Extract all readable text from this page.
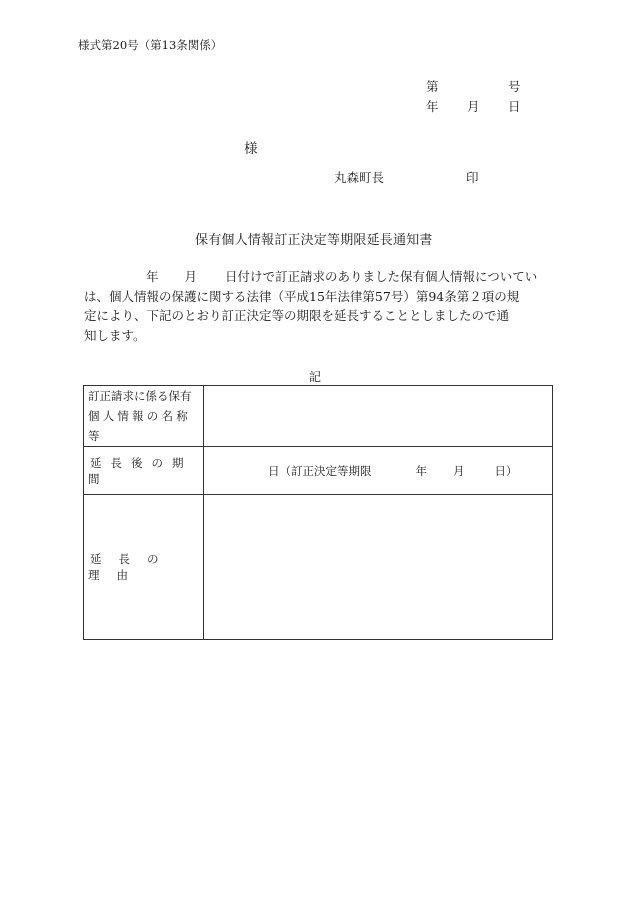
様式第20号（第13条関係）
第	号
年 月 日
様
丸森町長	印
保有個人情報訂正決定等期限延長通知書
年 月 日付けで訂正請求のありました保有個人情報についてい
は、個人情報の保護に関する法律（平成15年法律第57号）第94条第２項の規
定により、下記のとおり訂正決定等の期限を延長することとしましたので通
知します。
記
訂正請求に係る保有
個人情報の名称等	

延長後の期間	日（訂正決定等期限 年 月 日）

延長の理由	
